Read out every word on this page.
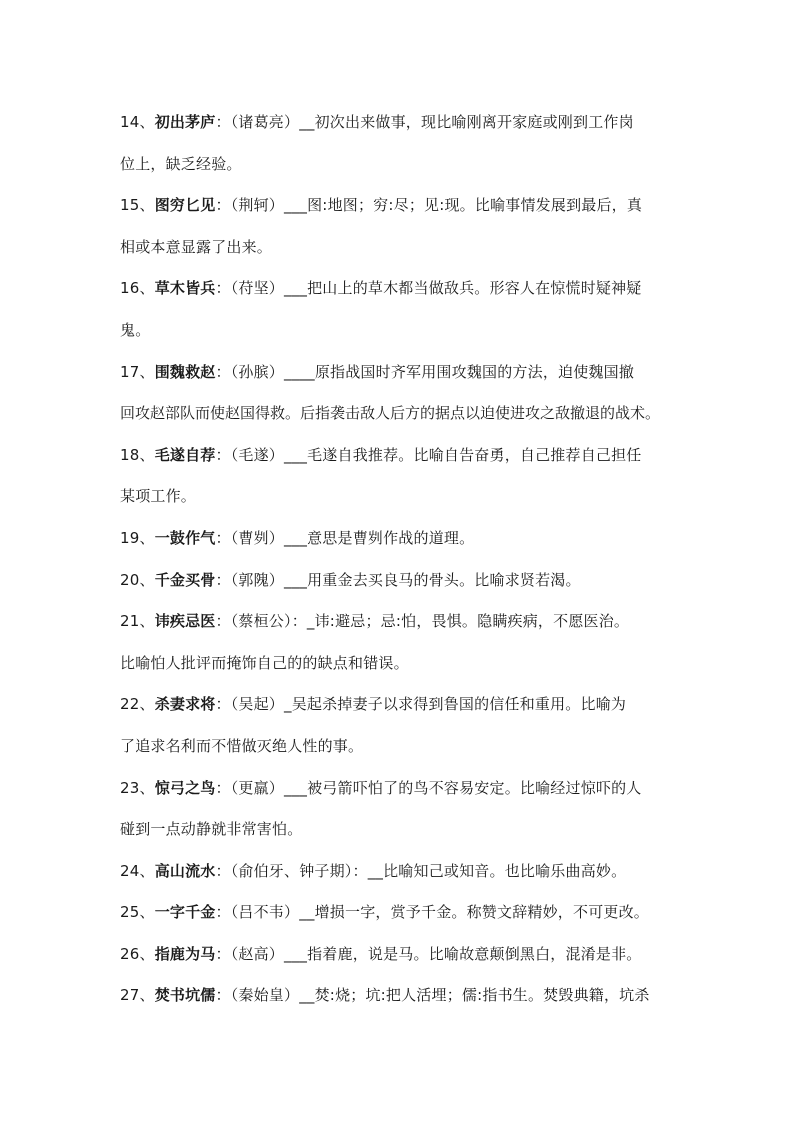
14、初出茅庐：（诸葛亮）__初次出来做事，现比喻刚离开家庭或刚到工作岗
位上，缺乏经验。
15、图穷匕见：（荆轲）___图:地图；穷:尽；见:现。比喻事情发展到最后，真
相或本意显露了出来。
16、草木皆兵：（苻坚）___把山上的草木都当做敌兵。形容人在惊慌时疑神疑
鬼。
17、围魏救赵：（孙膑）____原指战国时齐军用围攻魏国的方法，迫使魏国撤
回攻赵部队而使赵国得救。后指袭击敌人后方的据点以迫使进攻之敌撤退的战术。
18、毛遂自荐：（毛遂）___毛遂自我推荐。比喻自告奋勇，自己推荐自己担任
某项工作。
19、一鼓作气：（曹刿）___意思是曹刿作战的道理。
20、千金买骨：（郭隗）___用重金去买良马的骨头。比喻求贤若渴。
21、讳疾忌医：（蔡桓公）：_讳:避忌；忌:怕，畏惧。隐瞒疾病，不愿医治。
比喻怕人批评而掩饰自己的的缺点和错误。
22、杀妻求将：（吴起）_吴起杀掉妻子以求得到鲁国的信任和重用。比喻为
了追求名利而不惜做灭绝人性的事。
23、惊弓之鸟：（更羸）___被弓箭吓怕了的鸟不容易安定。比喻经过惊吓的人
碰到一点动静就非常害怕。
24、高山流水：（俞伯牙、钟子期）：__比喻知己或知音。也比喻乐曲高妙。
25、一字千金：（吕不韦）__增损一字，赏予千金。称赞文辞精妙，不可更改。
26、指鹿为马：（赵高）___指着鹿，说是马。比喻故意颠倒黑白，混淆是非。
27、焚书坑儒：（秦始皇）__焚:烧；坑:把人活埋；儒:指书生。焚毁典籍，坑杀
